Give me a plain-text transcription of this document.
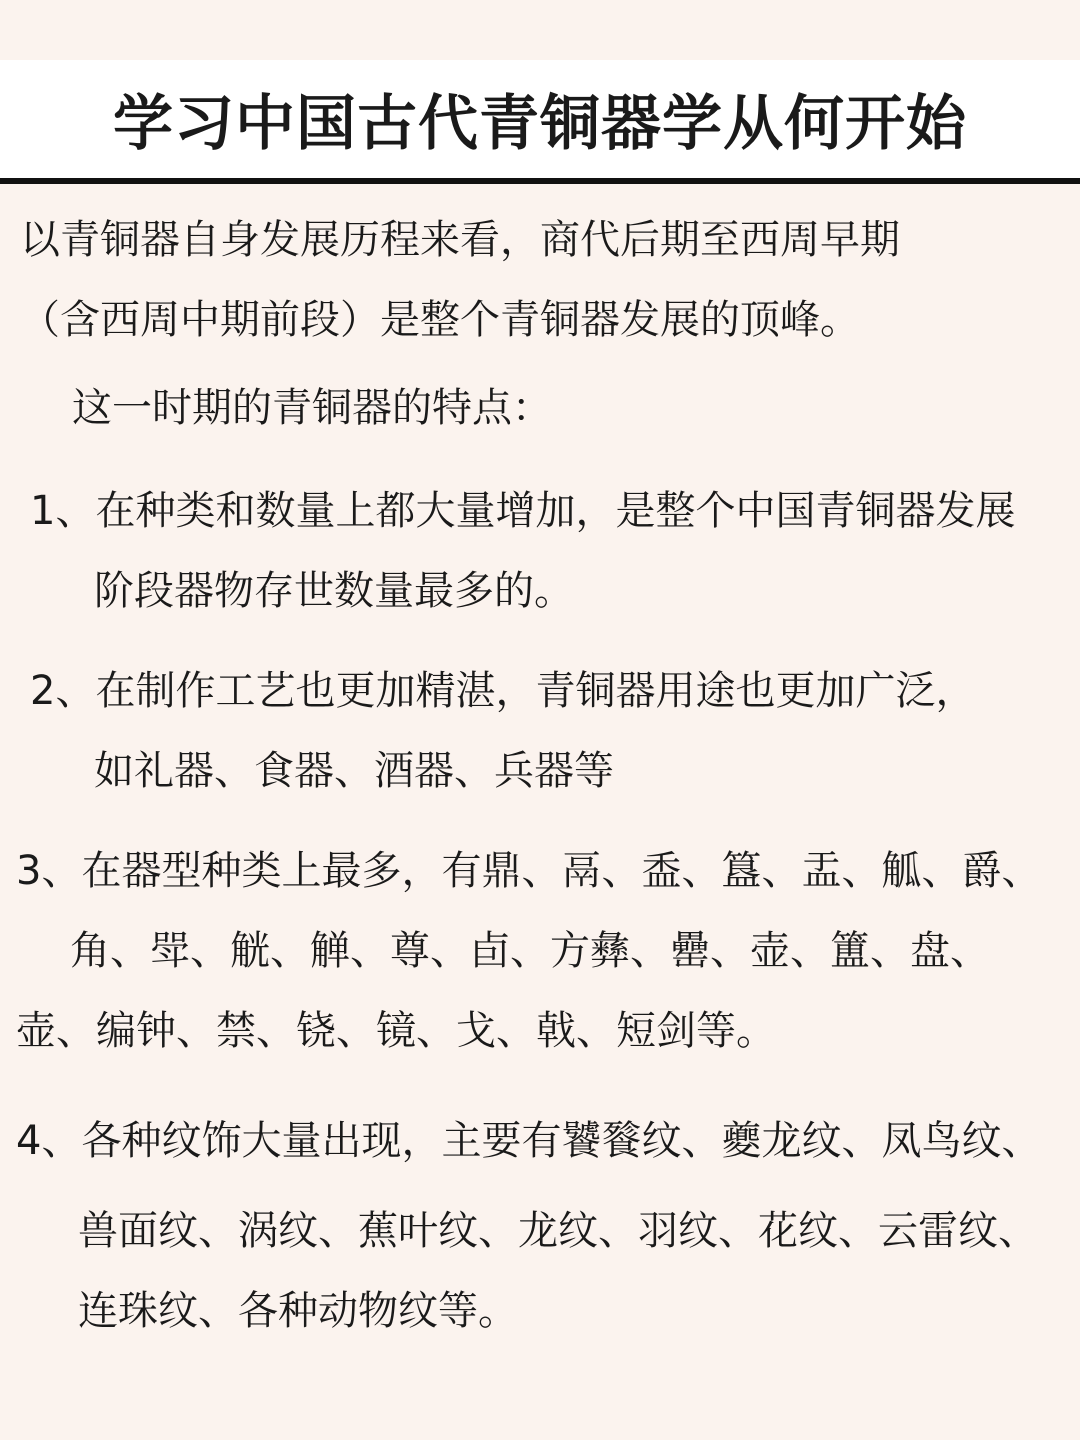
学习中国古代青铜器学从何开始
以青铜器自身发展历程来看，商代后期至西周早期
（含西周中期前段）是整个青铜器发展的顶峰。
这一时期的青铜器的特点：
1、在种类和数量上都大量增加，是整个中国青铜器发展
阶段器物存世数量最多的。
2、在制作工艺也更加精湛，青铜器用途也更加广泛，
如礼器、食器、酒器、兵器等
3、在器型种类上最多，有鼎、鬲、盉、簋、盂、觚、爵、
角、斝、觥、觯、尊、卣、方彝、罍、壶、簠、盘、
壶、编钟、禁、铙、镜、戈、戟、短剑等。
4、各种纹饰大量出现，主要有饕餮纹、夔龙纹、凤鸟纹、
兽面纹、涡纹、蕉叶纹、龙纹、羽纹、花纹、云雷纹、
连珠纹、各种动物纹等。
